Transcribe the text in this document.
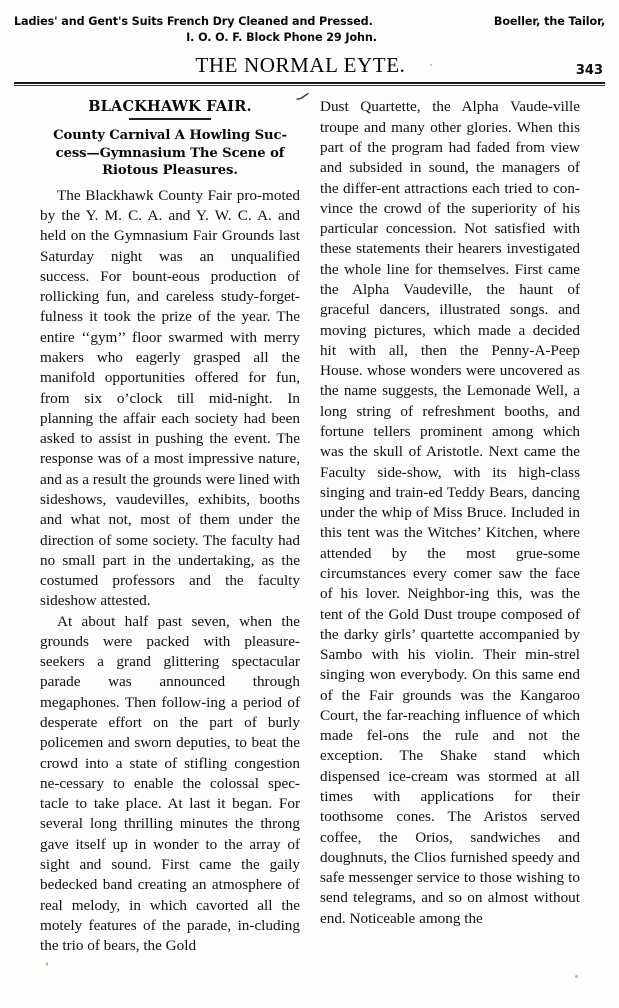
Ladies' and Gent's Suits French Dry Cleaned and Pressed.	Boeller, the Tailor,
I. O. O. F. Block Phone 29 John.
THE NORMAL EYTE.	343
BLACKHAWK FAIR.
County Carnival A Howling Suc-cess—Gymnasium The Scene of Riotous Pleasures.

The Blackhawk County Fair pro-moted by the Y. M. C. A. and Y. W. C. A. and held on the Gymnasium Fair Grounds last Saturday night was an unqualified success. For bount-eous production of rollicking fun, and careless study-forget-fulness it took the prize of the year. The entire ‘‘gym’’ floor swarmed with merry makers who eagerly grasped all the manifold opportunities offered for fun, from six o’clock till mid-night. In planning the affair each society had been asked to assist in pushing the event. The response was of a most impressive nature, and as a result the grounds were lined with sideshows, vaudevilles, exhibits, booths and what not, most of them under the direction of some society. The faculty had no small part in the undertaking, as the costumed professors and the faculty sideshow attested.

At about half past seven, when the grounds were packed with pleasure-seekers a grand glittering spectacular parade was announced through megaphones. Then follow-ing a period of desperate effort on the part of burly policemen and sworn deputies, to beat the crowd into a state of stifling congestion ne-cessary to enable the colossal spec-tacle to take place. At last it began. For several long thrilling minutes the throng gave itself up in wonder to the array of sight and sound. First came the gaily bedecked band creating an atmosphere of real melody, in which cavorted all the motely features of the parade, in-cluding the trio of bears, the Gold

Dust Quartette, the Alpha Vaude-ville troupe and many other glories. When this part of the program had faded from view and subsided in sound, the managers of the differ-ent attractions each tried to con-vince the crowd of the superiority of his particular concession. Not satisfied with these statements their hearers investigated the whole line for themselves. First came the Alpha Vaudeville, the haunt of graceful dancers, illustrated songs. and moving pictures, which made a decided hit with all, then the Penny-A-Peep House. whose wonders were uncovered as the name suggests, the Lemonade Well, a long string of refreshment booths, and fortune tellers prominent among which was the skull of Aristotle. Next came the Faculty side-show, with its high-class singing and train-ed Teddy Bears, dancing under the whip of Miss Bruce. Included in this tent was the Witches’ Kitchen, where attended by the most grue-some circumstances every comer saw the face of his lover. Neighbor-ing this, was the tent of the Gold Dust troupe composed of the darky girls’ quartette accompanied by Sambo with his violin. Their min-strel singing won everybody. On this same end of the Fair grounds was the Kangaroo Court, the far-reaching influence of which made fel-ons the rule and not the exception. The Shake stand which dispensed ice-cream was stormed at all times with applications for their toothsome cones. The Aristos served coffee, the Orios, sandwiches and doughnuts, the Clios furnished speedy and safe messenger service to those wishing to send telegrams, and so on almost without end. Noticeable among the
